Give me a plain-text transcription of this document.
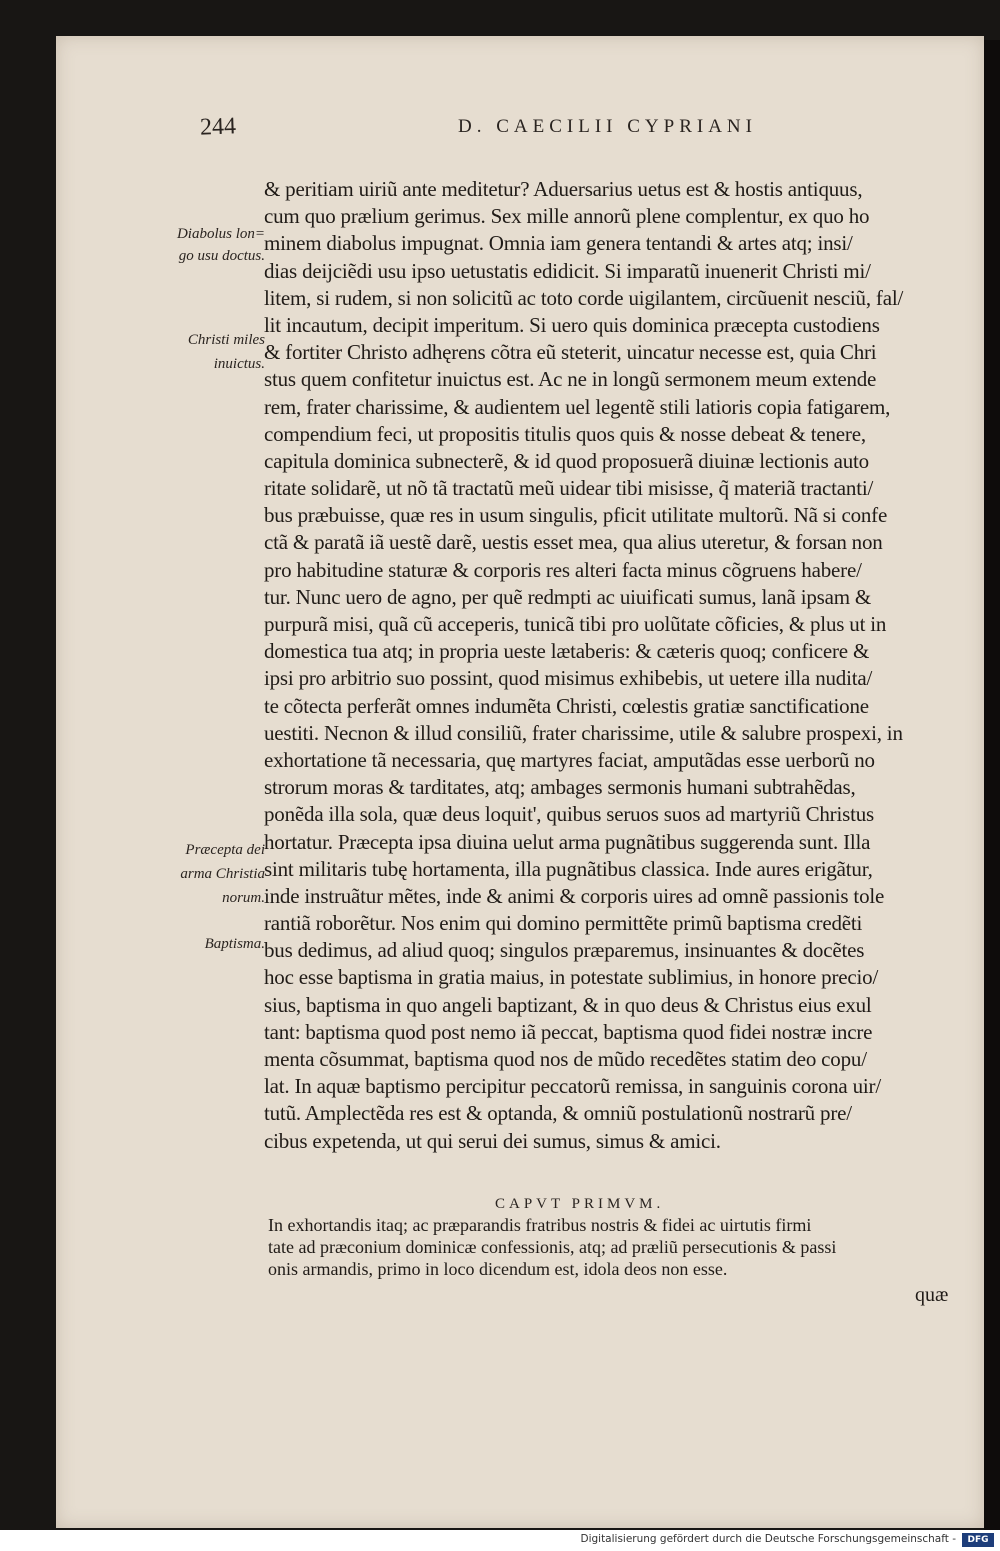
244	D. CAECILII CYPRIANI
Diabolus lon=
go usu doctus.
Christi miles
inuictus.
Præcepta dei
arma Christia
norum.
Baptisma.
& peritiam uiriũ ante meditetur? Aduersarius uetus est & hostis antiquus,
cum quo prælium gerimus. Sex mille annorũ plene complentur, ex quo ho
minem diabolus impugnat. Omnia iam genera tentandi & artes atq; insi/
dias deijciẽdi usu ipso uetustatis edidicit. Si imparatũ inuenerit Christi mi/
litem, si rudem, si non solicitũ ac toto corde uigilantem, circũuenit nesciũ, fal/
lit incautum, decipit imperitum. Si uero quis dominica præcepta custodiens
& fortiter Christo adhęrens cõtra eũ steterit, uincatur necesse est, quia Chri
stus quem confitetur inuictus est. Ac ne in longũ sermonem meum extende
rem, frater charissime, & audientem uel legentẽ stili latioris copia fatigarem,
compendium feci, ut propositis titulis quos quis & nosse debeat & tenere,
capitula dominica subnecterẽ, & id quod proposuerã diuinæ lectionis auto
ritate solidarẽ, ut nõ tã tractatũ meũ uidear tibi misisse, q̃ materiã tractanti/
bus præbuisse, quæ res in usum singulis, pficit utilitate multorũ. Nã si confe
ctã & paratã iã uestẽ darẽ, uestis esset mea, qua alius uteretur, & forsan non
pro habitudine staturæ & corporis res alteri facta minus cõgruens habere/
tur. Nunc uero de agno, per quẽ redmpti ac uiuificati sumus, lanã ipsam &
purpurã misi, quã cũ acceperis, tunicã tibi pro uolũtate cõficies, & plus ut in
domestica tua atq; in propria ueste lætaberis: & cæteris quoq; conficere &
ipsi pro arbitrio suo possint, quod misimus exhibebis, ut uetere illa nudita/
te cõtecta perferãt omnes indumẽta Christi, cœlestis gratiæ sanctificatione
uestiti. Necnon & illud consiliũ, frater charissime, utile & salubre prospexi, in
exhortatione tã necessaria, quę martyres faciat, amputãdas esse uerborũ no
strorum moras & tarditates, atq; ambages sermonis humani subtrahẽdas,
ponẽda illa sola, quæ deus loquit', quibus seruos suos ad martyriũ Christus
hortatur. Præcepta ipsa diuina uelut arma pugnãtibus suggerenda sunt. Illa
sint militaris tubę hortamenta, illa pugnãtibus classica. Inde aures erigãtur,
inde instruãtur mẽtes, inde & animi & corporis uires ad omnẽ passionis tole
rantiã roborẽtur. Nos enim qui domino permittẽte primũ baptisma credẽti
bus dedimus, ad aliud quoq; singulos præparemus, insinuantes & docẽtes
hoc esse baptisma in gratia maius, in potestate sublimius, in honore precio/
sius, baptisma in quo angeli baptizant, & in quo deus & Christus eius exul
tant: baptisma quod post nemo iã peccat, baptisma quod fidei nostræ incre
menta cõsummat, baptisma quod nos de mũdo recedẽtes statim deo copu/
lat. In aquæ baptismo percipitur peccatorũ remissa, in sanguinis corona uir/
tutũ. Amplectẽda res est & optanda, & omniũ postulationũ nostrarũ pre/
cibus expetenda, ut qui serui dei sumus, simus & amici.
CAPVT PRIMVM.
In exhortandis itaq; ac præparandis fratribus nostris & fidei ac uirtutis firmi
tate ad præconium dominicæ confessionis, atq; ad præliũ persecutionis & passi
onis armandis, primo in loco dicendum est, idola deos non esse.
quæ
Digitalisierung gefördert durch die Deutsche Forschungsgemeinschaft -	DFG
